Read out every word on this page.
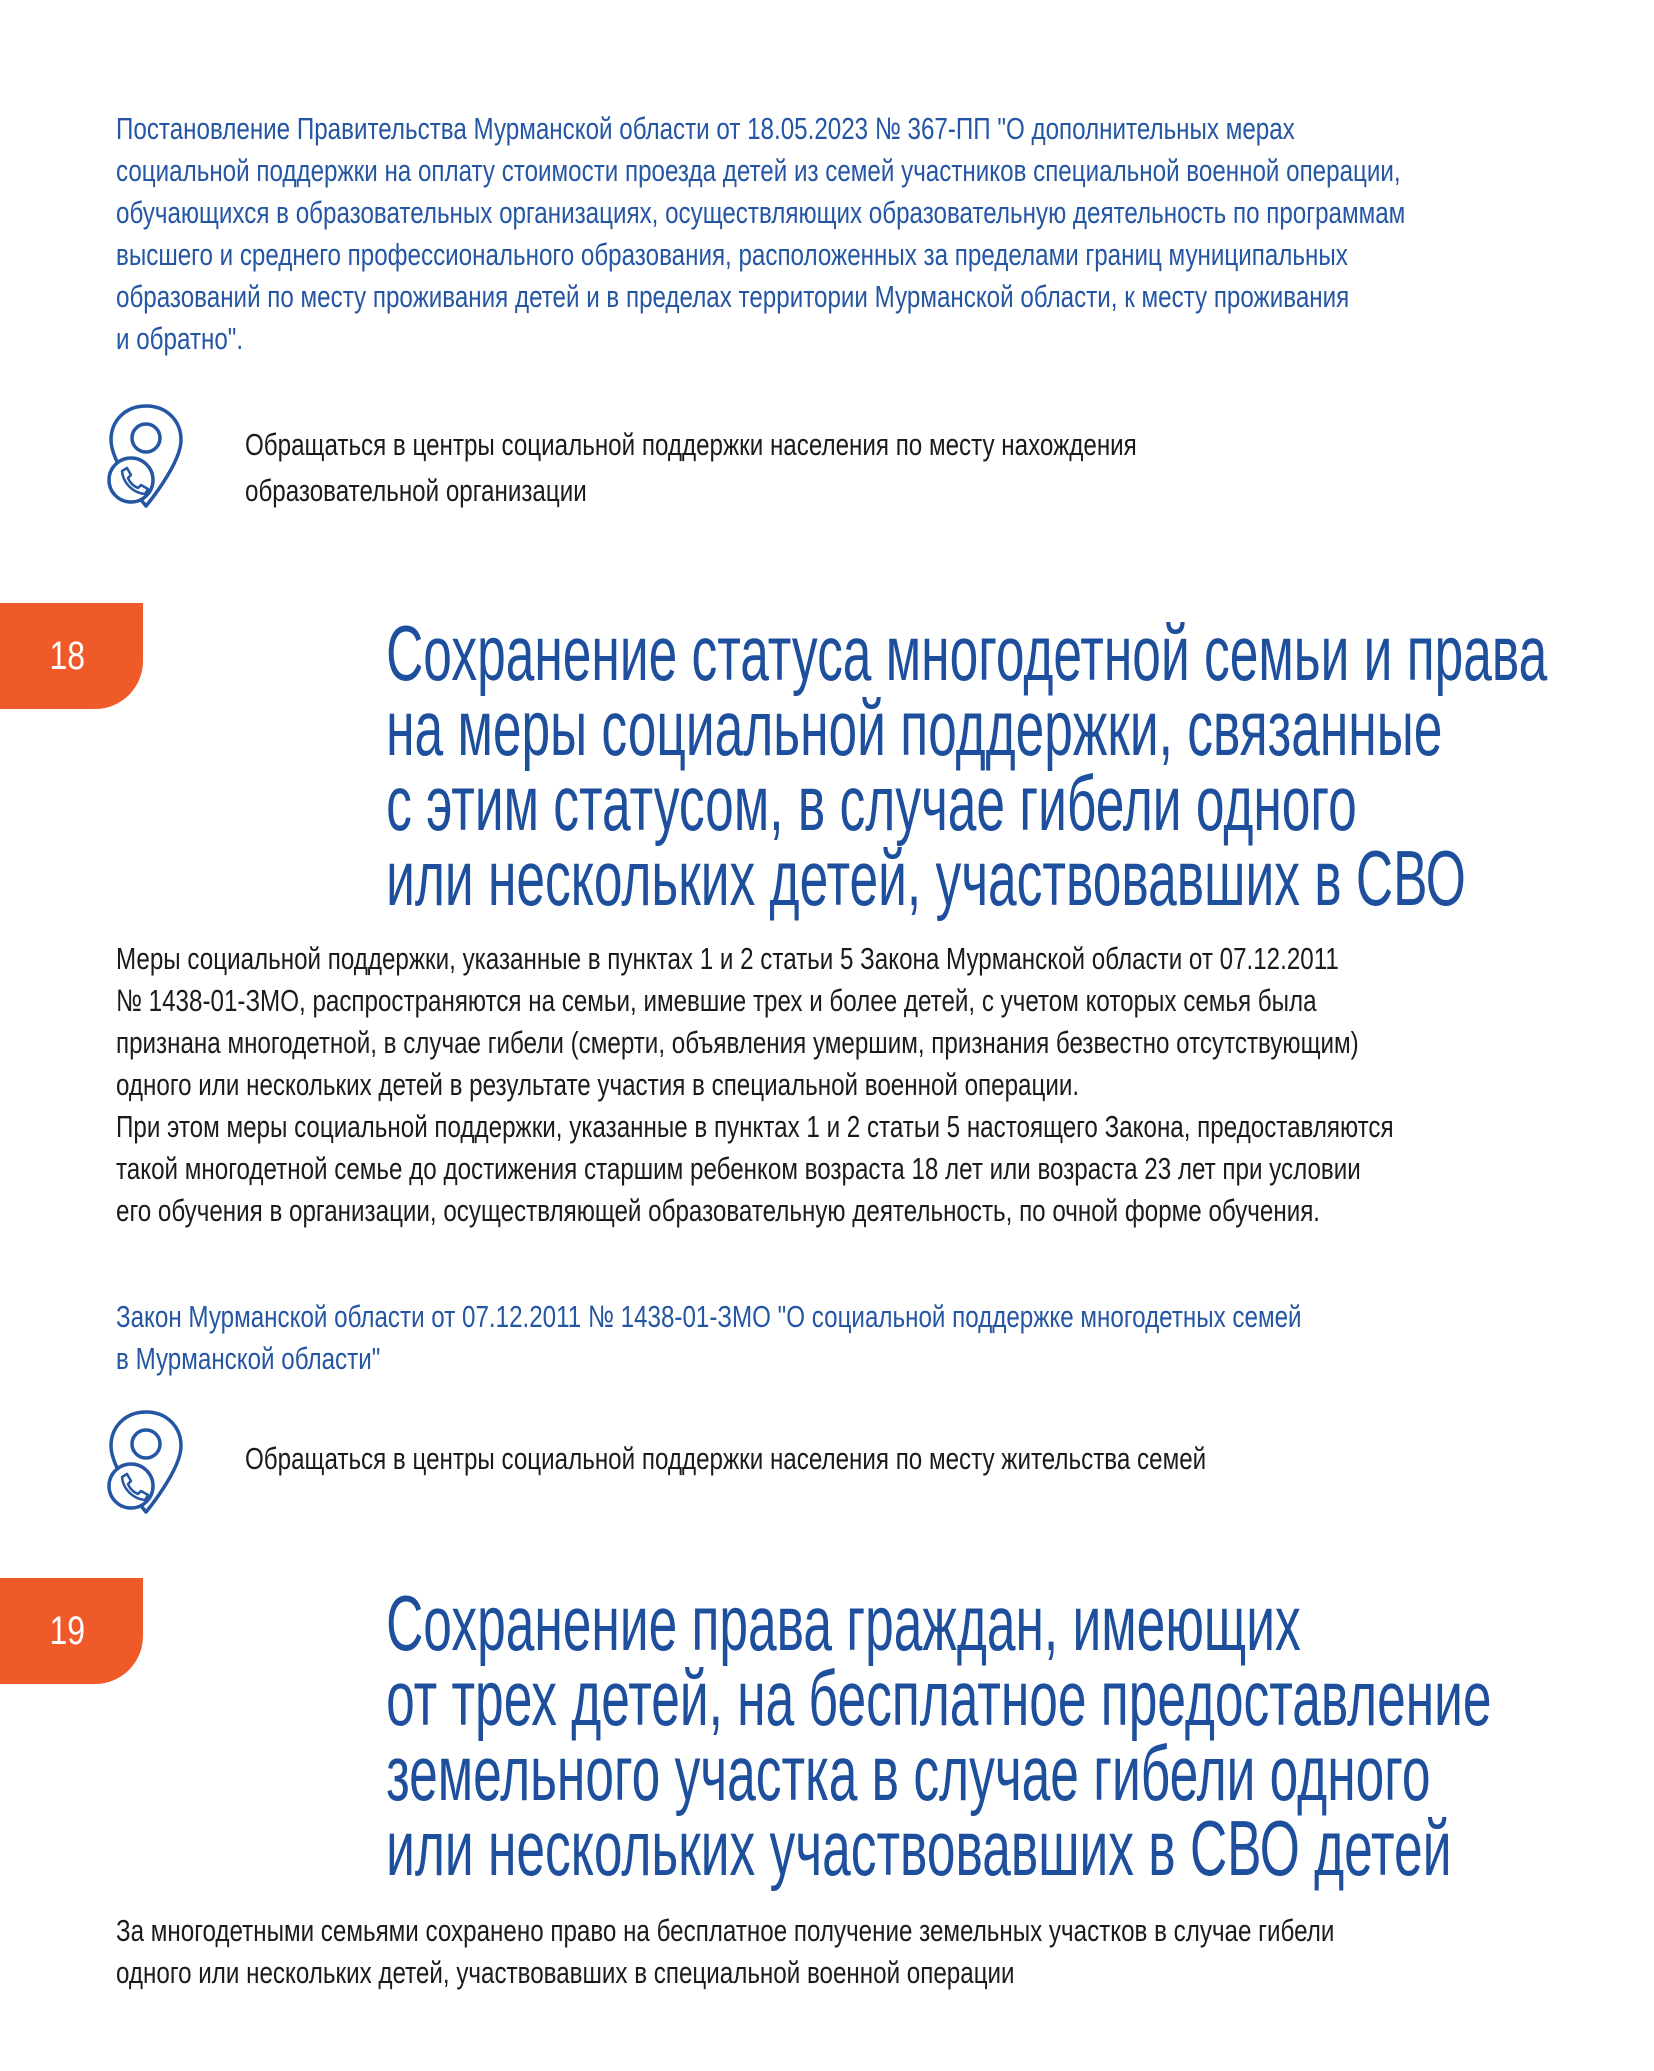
Постановление Правительства Мурманской области от 18.05.2023 № 367-ПП "О дополнительных мерах
социальной поддержки на оплату стоимости проезда детей из семей участников специальной военной операции,
обучающихся в образовательных организациях, осуществляющих образовательную деятельность по программам
высшего и среднего профессионального образования, расположенных за пределами границ муниципальных
образований по месту проживания детей и в пределах территории Мурманской области, к месту проживания
и обратно".
Обращаться в центры социальной поддержки населения по месту нахождения
образовательной организации
18	Сохранение статуса многодетной семьи и права
на меры социальной поддержки, связанные
с этим статусом, в случае гибели одного
или нескольких детей, участвовавших в СВО
Меры социальной поддержки, указанные в пунктах 1 и 2 статьи 5 Закона Мурманской области от 07.12.2011
№ 1438-01-ЗМО, распространяются на семьи, имевшие трех и более детей, с учетом которых семья была
признана многодетной, в случае гибели (смерти, объявления умершим, признания безвестно отсутствующим)
одного или нескольких детей в результате участия в специальной военной операции.
При этом меры социальной поддержки, указанные в пунктах 1 и 2 статьи 5 настоящего Закона, предоставляются
такой многодетной семье до достижения старшим ребенком возраста 18 лет или возраста 23 лет при условии
его обучения в организации, осуществляющей образовательную деятельность, по очной форме обучения.
Закон Мурманской области от 07.12.2011 № 1438-01-ЗМО "О социальной поддержке многодетных семей
в Мурманской области"
Обращаться в центры социальной поддержки населения по месту жительства семей
19	Сохранение права граждан, имеющих
от трех детей, на бесплатное предоставление
земельного участка в случае гибели одного
или нескольких участвовавших в СВО детей
За многодетными семьями сохранено право на бесплатное получение земельных участков в случае гибели
одного или нескольких детей, участвовавших в специальной военной операции
